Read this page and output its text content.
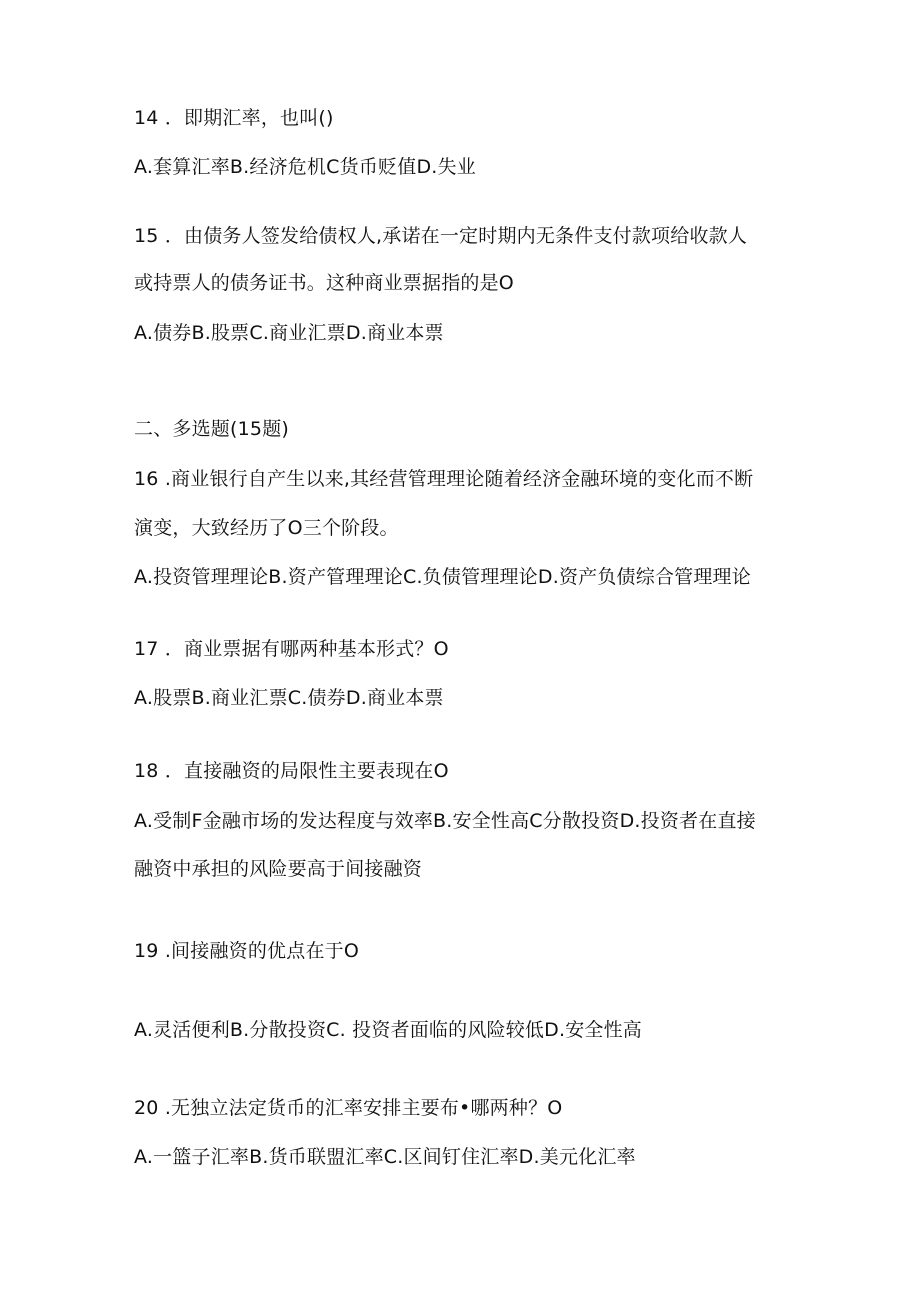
14 ．即期汇率，也叫()
A.套算汇率B.经济危机C货币贬值D.失业
15 ．由债务人签发给债权人,承诺在一定时期内无条件支付款项给收款人
或持票人的债务证书。这种商业票据指的是O
A.债券B.股票C.商业汇票D.商业本票
二、多选题(15题)
16 .商业银行自产生以来,其经营管理理论随着经济金融环境的变化而不断
演变，大致经历了O三个阶段。
A.投资管理理论B.资产管理理论C.负债管理理论D.资产负债综合管理理论
17 ．商业票据有哪两种基本形式？O
A.股票B.商业汇票C.债券D.商业本票
18 ．直接融资的局限性主要表现在O
A.受制F金融市场的发达程度与效率B.安全性高C分散投资D.投资者在直接
融资中承担的风险要高于间接融资
19 .间接融资的优点在于O
A.灵活便利B.分散投资C. 投资者面临的风险较低D.安全性高
20 .无独立法定货币的汇率安排主要布•哪两种？O
A.一篮子汇率B.货币联盟汇率C.区间钉住汇率D.美元化汇率
